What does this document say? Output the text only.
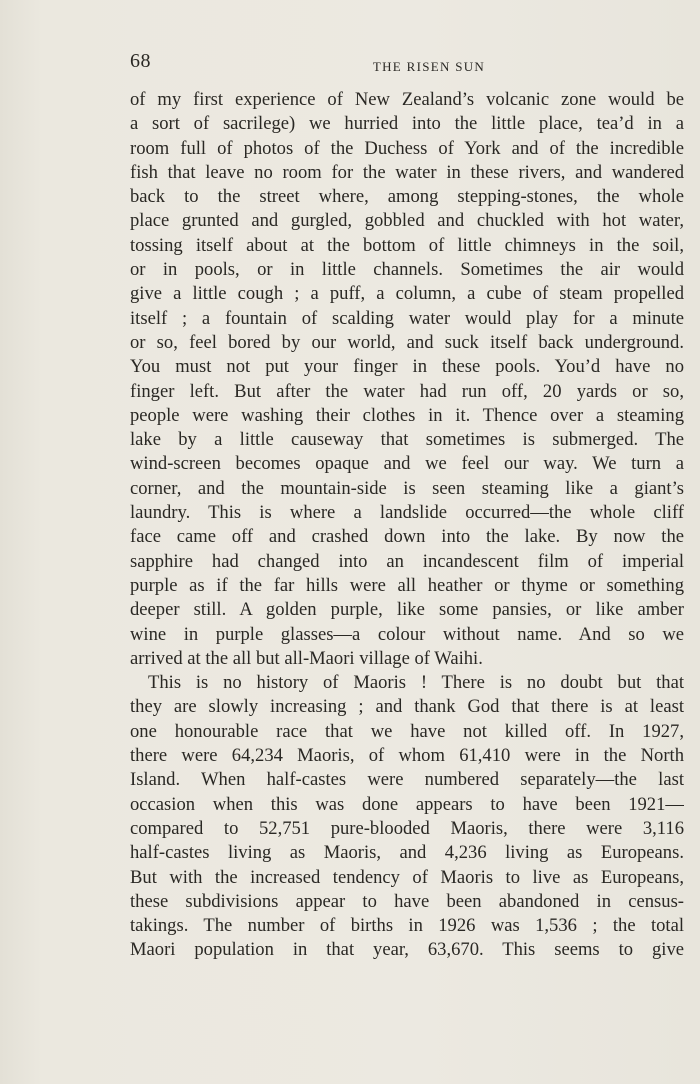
68	THE RISEN SUN
of my first experience of New Zealand’s volcanic zone would be
a sort of sacrilege) we hurried into the little place, tea’d in a
room full of photos of the Duchess of York and of the incredible
fish that leave no room for the water in these rivers, and wandered
back to the street where, among stepping-stones, the whole
place grunted and gurgled, gobbled and chuckled with hot water,
tossing itself about at the bottom of little chimneys in the soil,
or in pools, or in little channels. Sometimes the air would
give a little cough ; a puff, a column, a cube of steam propelled
itself ; a fountain of scalding water would play for a minute
or so, feel bored by our world, and suck itself back underground.
You must not put your finger in these pools. You’d have no
finger left. But after the water had run off, 20 yards or so,
people were washing their clothes in it. Thence over a steaming
lake by a little causeway that sometimes is submerged. The
wind-screen becomes opaque and we feel our way. We turn a
corner, and the mountain-side is seen steaming like a giant’s
laundry. This is where a landslide occurred—the whole cliff
face came off and crashed down into the lake. By now the
sapphire had changed into an incandescent film of imperial
purple as if the far hills were all heather or thyme or something
deeper still. A golden purple, like some pansies, or like amber
wine in purple glasses—a colour without name. And so we
arrived at the all but all-Maori village of Waihi.
This is no history of Maoris ! There is no doubt but that
they are slowly increasing ; and thank God that there is at least
one honourable race that we have not killed off. In 1927,
there were 64,234 Maoris, of whom 61,410 were in the North
Island. When half-castes were numbered separately—the last
occasion when this was done appears to have been 1921—
compared to 52,751 pure-blooded Maoris, there were 3,116
half-castes living as Maoris, and 4,236 living as Europeans.
But with the increased tendency of Maoris to live as Europeans,
these subdivisions appear to have been abandoned in census-
takings. The number of births in 1926 was 1,536 ; the total
Maori population in that year, 63,670. This seems to give
